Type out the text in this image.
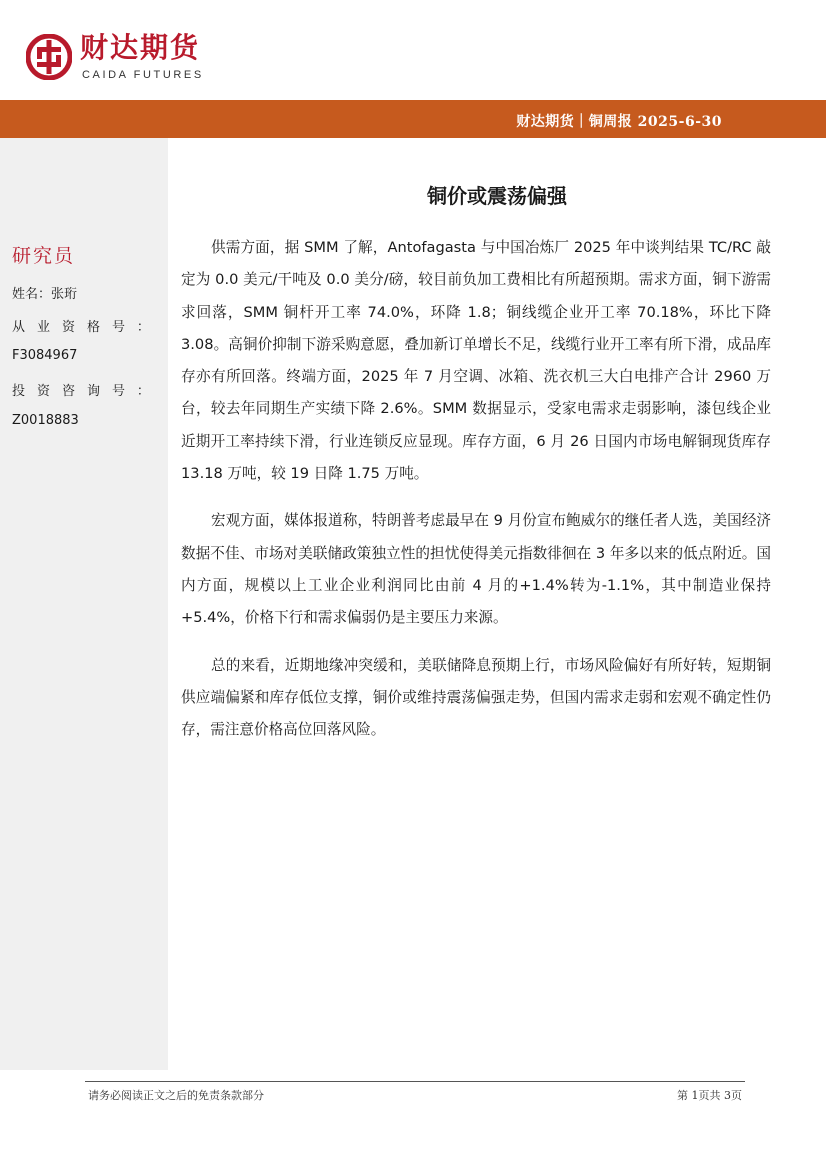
财达期货
CAIDA FUTURES
财达期货｜铜周报 2025-6-30
研究员
姓名：张珩
从 业 资 格 号 ：
F3084967
投 资 咨 询 号 ：
Z0018883
铜价或震荡偏强

供需方面，据 SMM 了解，Antofagasta 与中国冶炼厂 2025 年中谈判结果 TC/RC 敲定为 0.0 美元/干吨及 0.0 美分/磅，较目前负加工费相比有所超预期。需求方面，铜下游需求回落，SMM 铜杆开工率 74.0%，环降 1.8；铜线缆企业开工率 70.18%，环比下降 3.08。高铜价抑制下游采购意愿，叠加新订单增长不足，线缆行业开工率有所下滑，成品库存亦有所回落。终端方面，2025 年 7 月空调、冰箱、洗衣机三大白电排产合计 2960 万台，较去年同期生产实绩下降 2.6%。SMM 数据显示，受家电需求走弱影响，漆包线企业近期开工率持续下滑，行业连锁反应显现。库存方面，6 月 26 日国内市场电解铜现货库存 13.18 万吨，较 19 日降 1.75 万吨。

宏观方面，媒体报道称，特朗普考虑最早在 9 月份宣布鲍威尔的继任者人选，美国经济数据不佳、市场对美联储政策独立性的担忧使得美元指数徘徊在 3 年多以来的低点附近。国内方面，规模以上工业企业利润同比由前 4 月的+1.4%转为-1.1%，其中制造业保持+5.4%，价格下行和需求偏弱仍是主要压力来源。

总的来看，近期地缘冲突缓和，美联储降息预期上行，市场风险偏好有所好转，短期铜供应端偏紧和库存低位支撑，铜价或维持震荡偏强走势，但国内需求走弱和宏观不确定性仍存，需注意价格高位回落风险。

请务必阅读正文之后的免责条款部分	第 1页共 3页
